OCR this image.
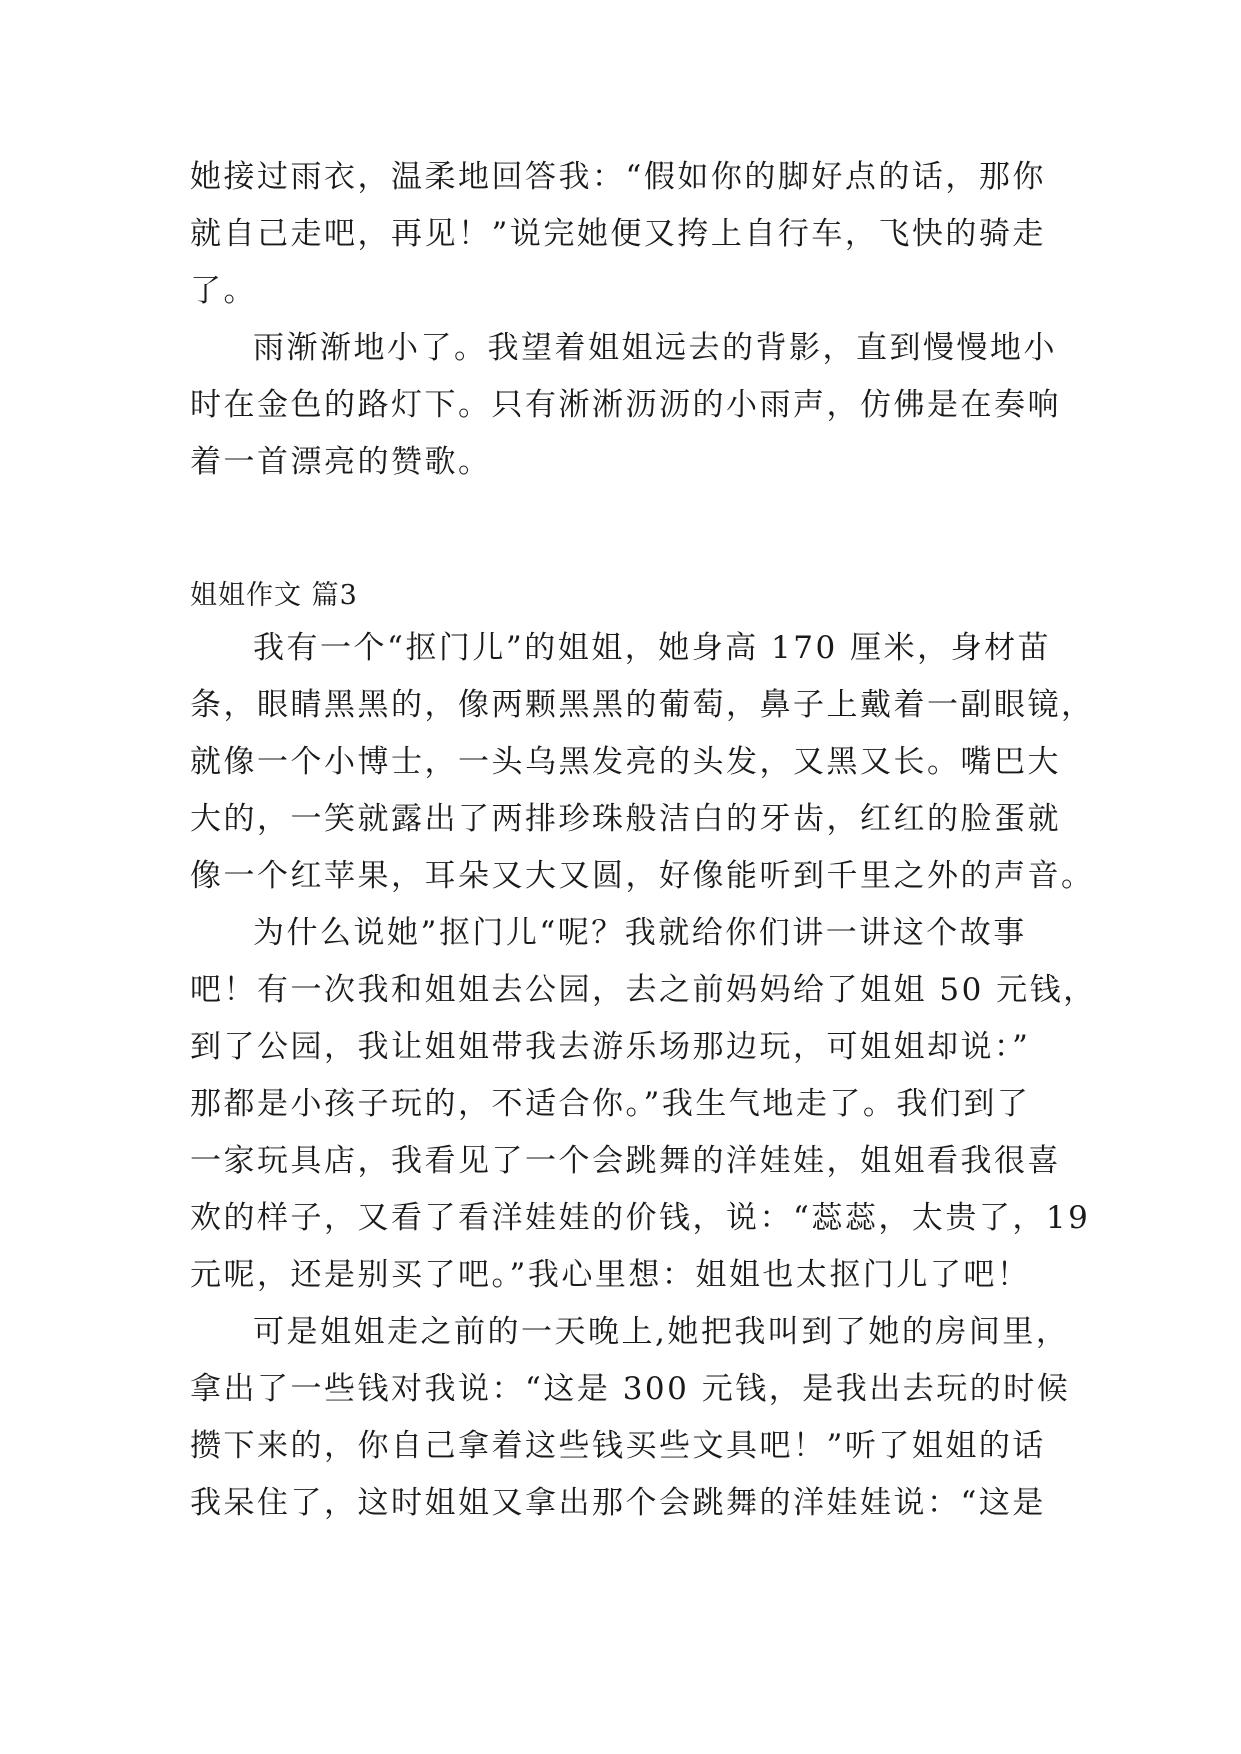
她接过雨衣，温柔地回答我：“假如你的脚好点的话，那你
就自己走吧，再见！”说完她便又挎上自行车，飞快的骑走
了。
雨渐渐地小了。我望着姐姐远去的背影，直到慢慢地小
时在金色的路灯下。只有淅淅沥沥的小雨声，仿佛是在奏响
着一首漂亮的赞歌。
姐姐作文 篇3
我有一个“抠门儿”的姐姐，她身高 170 厘米，身材苗
条，眼睛黑黑的，像两颗黑黑的葡萄，鼻子上戴着一副眼镜，
就像一个小博士，一头乌黑发亮的头发，又黑又长。嘴巴大
大的，一笑就露出了两排珍珠般洁白的牙齿，红红的脸蛋就
像一个红苹果，耳朵又大又圆，好像能听到千里之外的声音。
为什么说她”抠门儿“呢？我就给你们讲一讲这个故事
吧！有一次我和姐姐去公园，去之前妈妈给了姐姐 50 元钱，
到了公园，我让姐姐带我去游乐场那边玩，可姐姐却说：”
那都是小孩子玩的，不适合你。”我生气地走了。我们到了
一家玩具店，我看见了一个会跳舞的洋娃娃，姐姐看我很喜
欢的样子，又看了看洋娃娃的价钱，说：“蕊蕊，太贵了，19
元呢，还是别买了吧。”我心里想：姐姐也太抠门儿了吧！
可是姐姐走之前的一天晚上,她把我叫到了她的房间里，
拿出了一些钱对我说：“这是 300 元钱，是我出去玩的时候
攒下来的，你自己拿着这些钱买些文具吧！”听了姐姐的话
我呆住了，这时姐姐又拿出那个会跳舞的洋娃娃说：“这是
